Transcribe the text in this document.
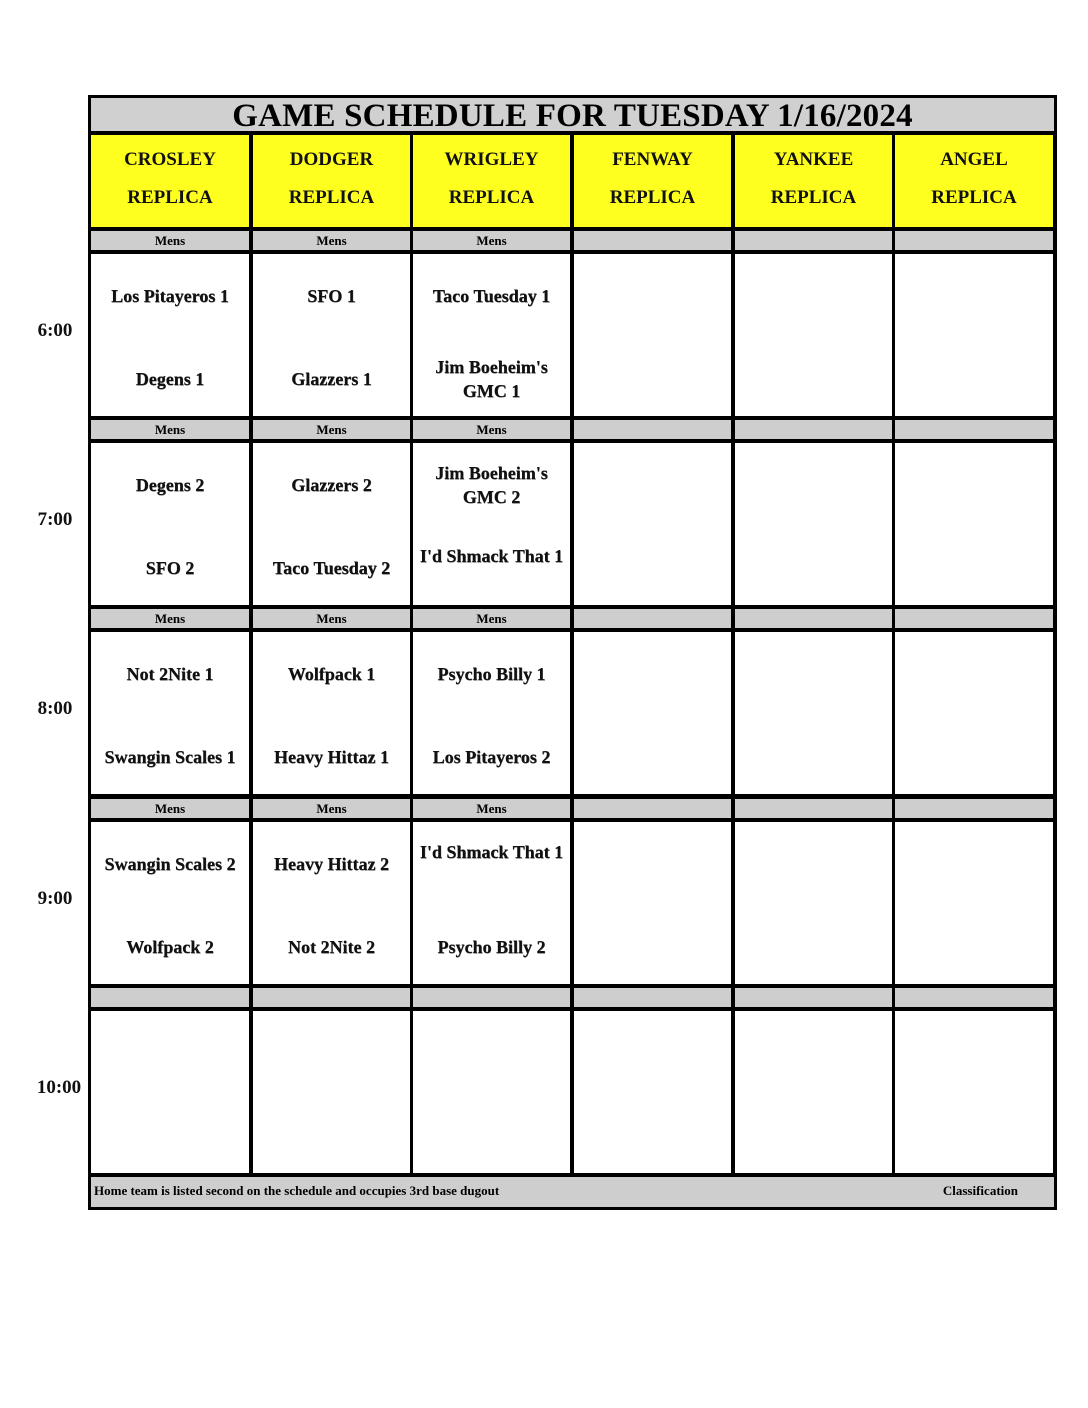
GAME SCHEDULE FOR TUESDAY 1/16/2024
CROSLEY
REPLICA
DODGER
REPLICA
WRIGLEY
REPLICA
FENWAY
REPLICA
YANKEE
REPLICA
ANGEL
REPLICA
Mens
Los Pitayeros 1
Degens 1
Mens
SFO 1
Glazzers 1
Mens
Taco Tuesday 1
Jim Boeheim's GMC 1
Mens
Degens 2
SFO 2
Mens
Glazzers 2
Taco Tuesday 2
Mens
Jim Boeheim's GMC 2
I'd Shmack That 1
Mens
Not 2Nite 1
Swangin Scales 1
Mens
Wolfpack 1
Heavy Hittaz 1
Mens
Psycho Billy 1
Los Pitayeros 2
Mens
Swangin Scales 2
Wolfpack 2
Mens
Heavy Hittaz 2
Not 2Nite 2
Mens
I'd Shmack That 1
Psycho Billy 2
Home team is listed second on the schedule and occupies 3rd base dugout	Classification
6:00
7:00
8:00
9:00
10:00
